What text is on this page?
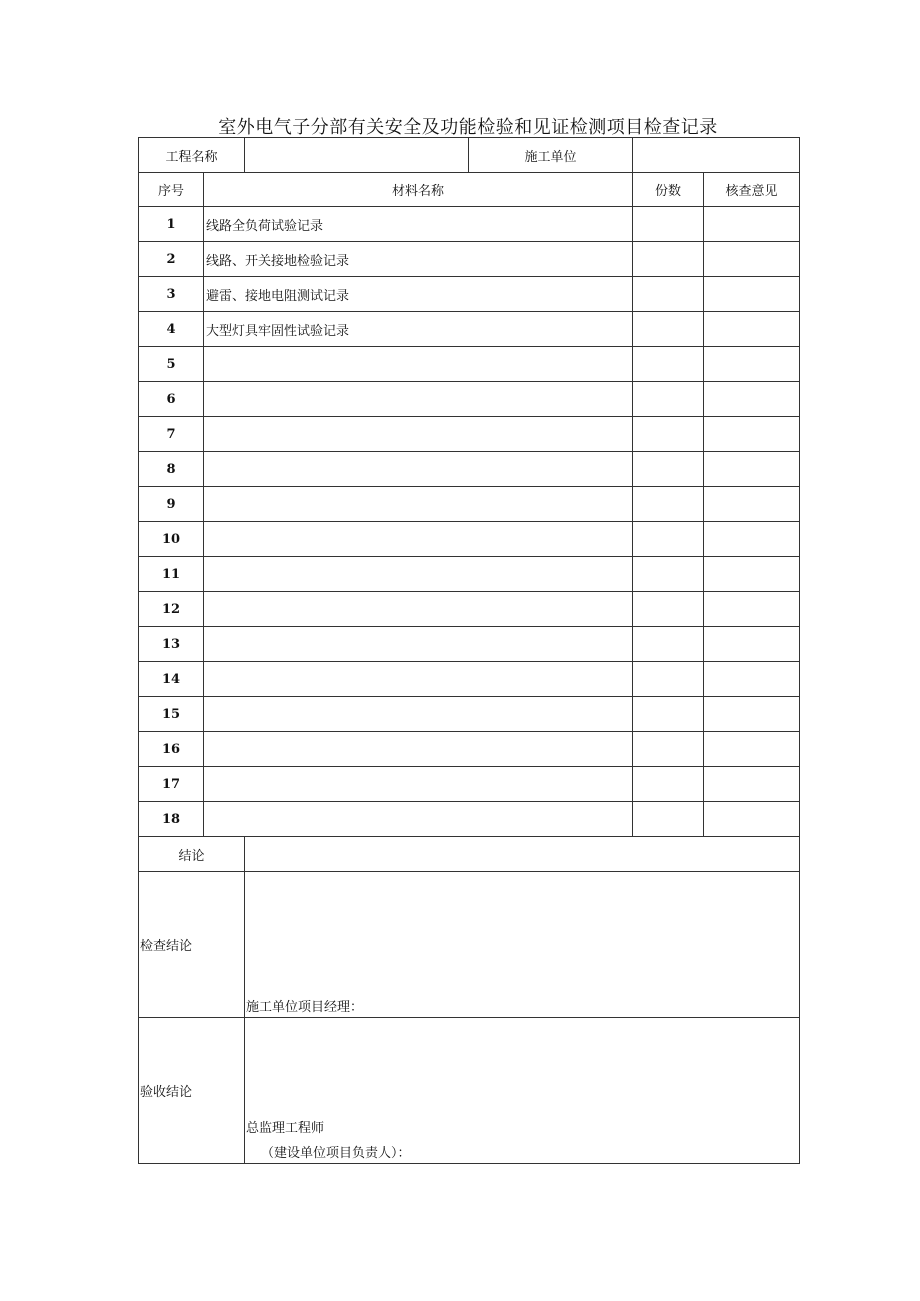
室外电气子分部有关安全及功能检验和见证检测项目检查记录
工程名称			施工单位		
序号	材料名称			份数	核查意见
1	线路全负荷试验记录				
2	线路、开关接地检验记录				
3	避雷、接地电阻测试记录				
4	大型灯具牢固性试验记录				
5					
6					
7					
8					
9					
10					
11					
12					
13					
14					
15					
16					
17					
18					
结论					
检查结论		施工单位项目经理：			

验收结论		总监理工程师
（建设单位项目负责人）：			
